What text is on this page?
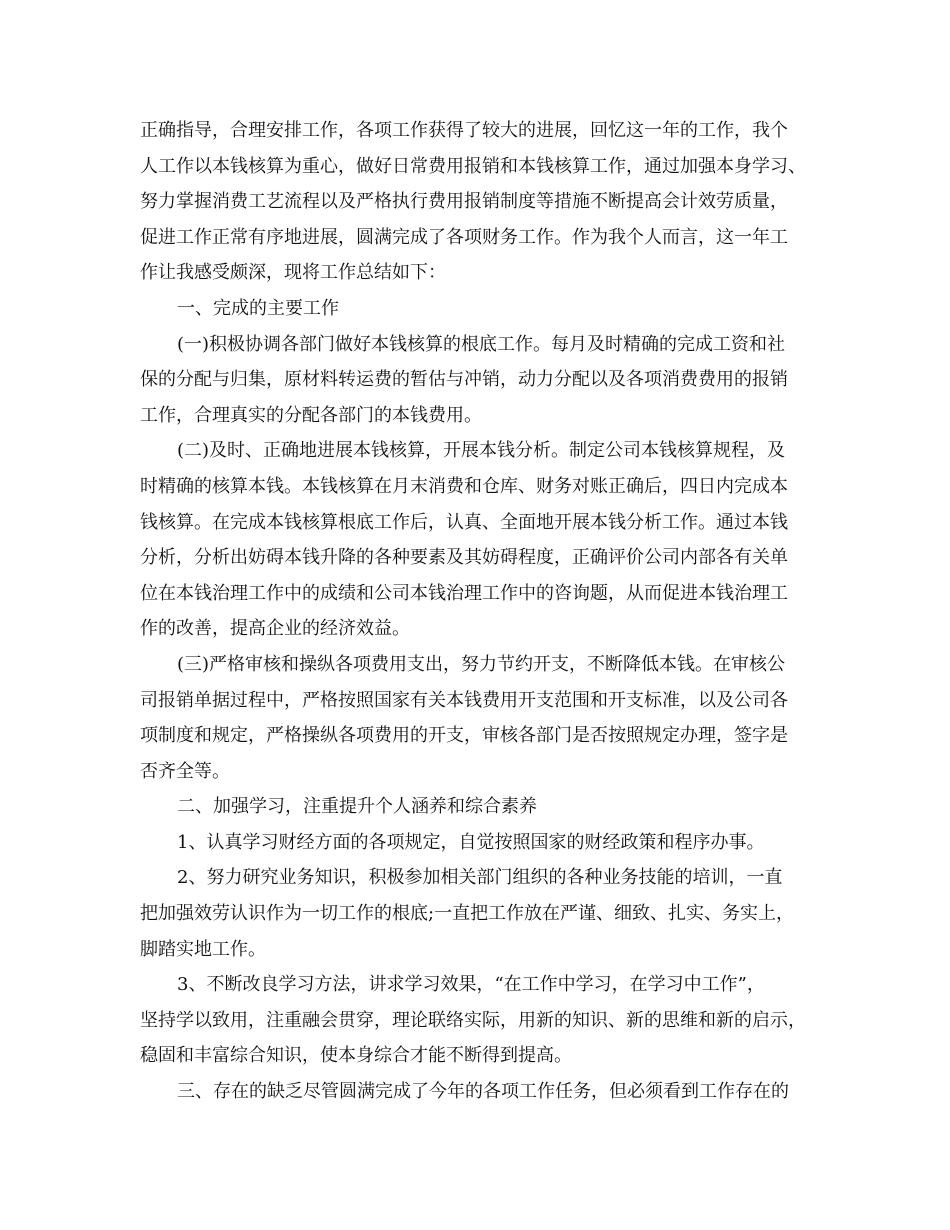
正确指导，合理安排工作，各项工作获得了较大的进展，回忆这一年的工作，我个
人工作以本钱核算为重心，做好日常费用报销和本钱核算工作，通过加强本身学习、
努力掌握消费工艺流程以及严格执行费用报销制度等措施不断提高会计效劳质量，
促进工作正常有序地进展，圆满完成了各项财务工作。作为我个人而言，这一年工
作让我感受颇深，现将工作总结如下：
一、完成的主要工作
(一)积极协调各部门做好本钱核算的根底工作。每月及时精确的完成工资和社
保的分配与归集，原材料转运费的暂估与冲销，动力分配以及各项消费费用的报销
工作，合理真实的分配各部门的本钱费用。
(二)及时、正确地进展本钱核算，开展本钱分析。制定公司本钱核算规程，及
时精确的核算本钱。本钱核算在月末消费和仓库、财务对账正确后，四日内完成本
钱核算。在完成本钱核算根底工作后，认真、全面地开展本钱分析工作。通过本钱
分析，分析出妨碍本钱升降的各种要素及其妨碍程度，正确评价公司内部各有关单
位在本钱治理工作中的成绩和公司本钱治理工作中的咨询题，从而促进本钱治理工
作的改善，提高企业的经济效益。
(三)严格审核和操纵各项费用支出，努力节约开支，不断降低本钱。在审核公
司报销单据过程中，严格按照国家有关本钱费用开支范围和开支标准，以及公司各
项制度和规定，严格操纵各项费用的开支，审核各部门是否按照规定办理，签字是
否齐全等。
二、加强学习，注重提升个人涵养和综合素养
1、认真学习财经方面的各项规定，自觉按照国家的财经政策和程序办事。
2、努力研究业务知识，积极参加相关部门组织的各种业务技能的培训，一直
把加强效劳认识作为一切工作的根底;一直把工作放在严谨、细致、扎实、务实上，
脚踏实地工作。
3、不断改良学习方法，讲求学习效果，“在工作中学习，在学习中工作”，
坚持学以致用，注重融会贯穿，理论联络实际，用新的知识、新的思维和新的启示，
稳固和丰富综合知识，使本身综合才能不断得到提高。
三、存在的缺乏尽管圆满完成了今年的各项工作任务，但必须看到工作存在的
